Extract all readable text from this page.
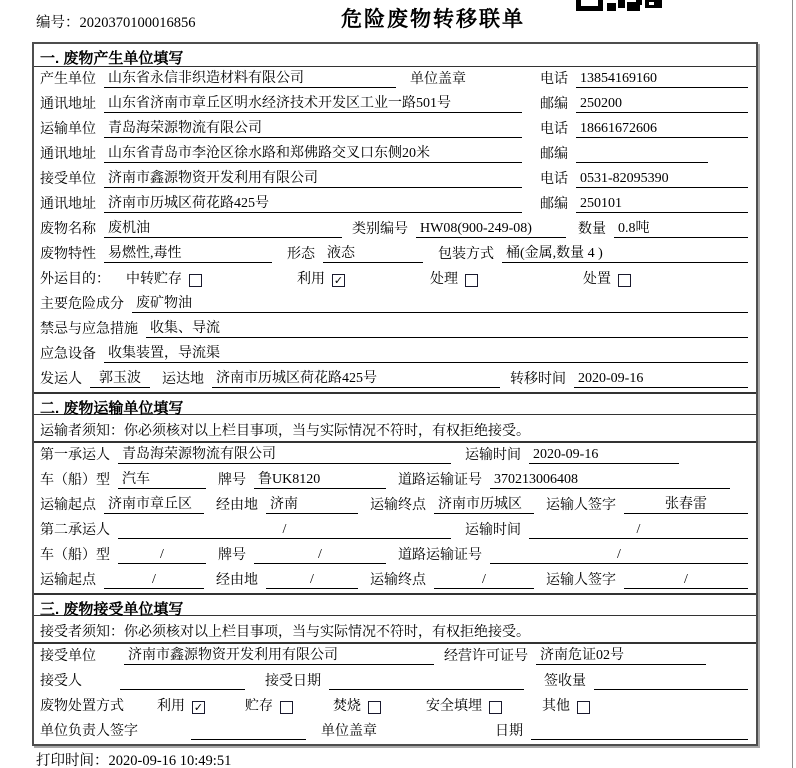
编号：2020370100016856	危险废物转移联单
一. 废物产生单位填写
产生单位 山东省永信非织造材料有限公司	单位盖章	电话 13854169160
通讯地址 山东省济南市章丘区明水经济技术开发区工业一路501号	邮编 250200
运输单位 青岛海荣源物流有限公司	电话 18661672606
通讯地址 山东省青岛市李沧区徐水路和郑佛路交叉口东侧20米	邮编
接受单位 济南市鑫源物资开发利用有限公司	电话 0531-82095390
通讯地址 济南市历城区荷花路425号	邮编 250101
废物名称 废机油	类别编号 HW08(900-249-08)	数量 0.8吨
废物特性 易燃性,毒性	形态 液态	包装方式 桶(金属,数量 4 )
外运目的： 中转贮存	利用 ✓	处理	处置
主要危险成分 废矿物油
禁忌与应急措施 收集、导流
应急设备 收集装置，导流渠
发运人	郭玉波	运达地 济南市历城区荷花路425号	转移时间 2020-09-16
二. 废物运输单位填写
运输者须知：你必须核对以上栏目事项，当与实际情况不符时，有权拒绝接受。
第一承运人 青岛海荣源物流有限公司	运输时间 2020-09-16
车（船）型 汽车	牌号 鲁UK8120	道路运输证号 370213006408
运输起点 济南市章丘区	经由地 济南	运输终点 济南市历城区	运输人签字	张春雷
第二承运人	/	运输时间	/
车（船）型	/	牌号	/	道路运输证号	/
运输起点	/	经由地	/	运输终点	/	运输人签字	/
三. 废物接受单位填写
接受者须知：你必须核对以上栏目事项，当与实际情况不符时，有权拒绝接受。
接受单位 济南市鑫源物资开发利用有限公司	经营许可证号 济南危证02号
接受人	接受日期	签收量
废物处置方式 利用 ✓	贮存	焚烧	安全填埋	其他
单位负责人签字	单位盖章	日期
打印时间：2020-09-16 10:49:51
